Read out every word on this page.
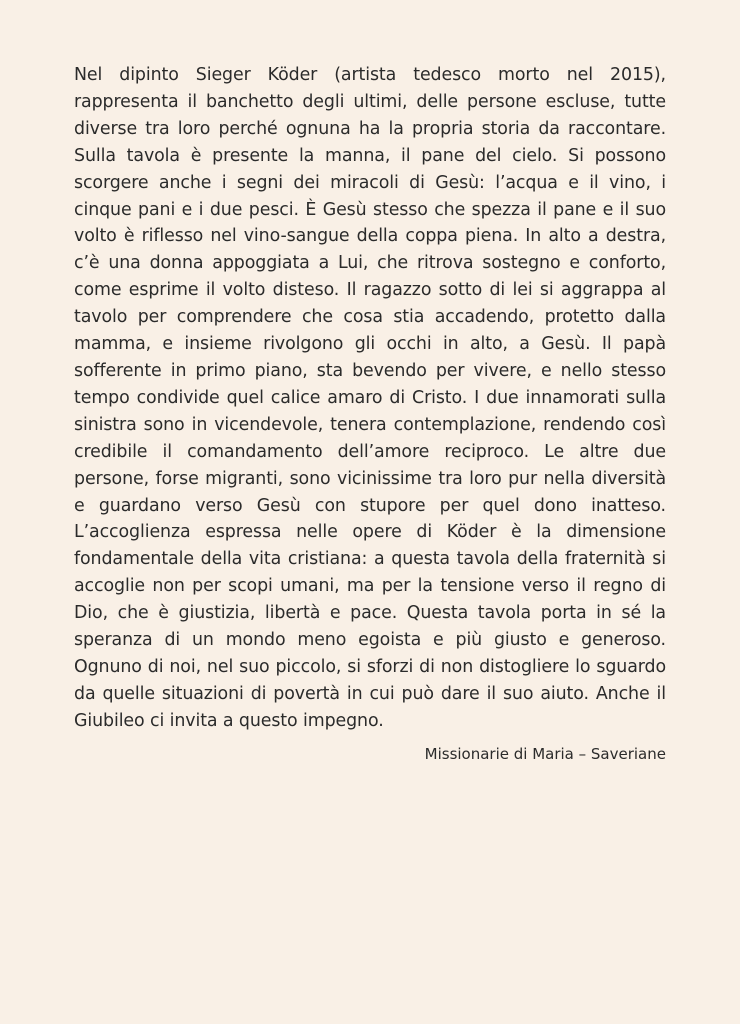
Nel dipinto Sieger Köder (artista tedesco morto nel 2015), rappresenta il banchetto degli ultimi, delle persone escluse, tutte diverse tra loro perché ognuna ha la propria storia da raccontare. Sulla tavola è presente la manna, il pane del cielo. Si possono scorgere anche i segni dei miracoli di Gesù: l’acqua e il vino, i cinque pani e i due pesci. È Gesù stesso che spezza il pane e il suo volto è riflesso nel vino-sangue della coppa piena. In alto a destra, c’è una donna appoggiata a Lui, che ritrova sostegno e conforto, come esprime il volto disteso. Il ragazzo sotto di lei si aggrappa al tavolo per comprendere che cosa stia accadendo, protetto dalla mamma, e insieme rivolgono gli occhi in alto, a Gesù. Il papà sofferente in primo piano, sta bevendo per vivere, e nello stesso tempo condivide quel calice amaro di Cristo. I due innamorati sulla sinistra sono in vicendevole, tenera contemplazione, rendendo così credibile il comandamento dell’amore reciproco. Le altre due persone, forse migranti, sono vicinissime tra loro pur nella diversità e guardano verso Gesù con stupore per quel dono inatteso. L’accoglienza espressa nelle opere di Köder è la dimensione fondamentale della vita cristiana: a questa tavola della fraternità si accoglie non per scopi umani, ma per la tensione verso il regno di Dio, che è giustizia, libertà e pace. Questa tavola porta in sé la speranza di un mondo meno egoista e più giusto e generoso. Ognuno di noi, nel suo piccolo, si sforzi di non distogliere lo sguardo da quelle situazioni di povertà in cui può dare il suo aiuto. Anche il Giubileo ci invita a questo impegno.

Missionarie di Maria – Saveriane
